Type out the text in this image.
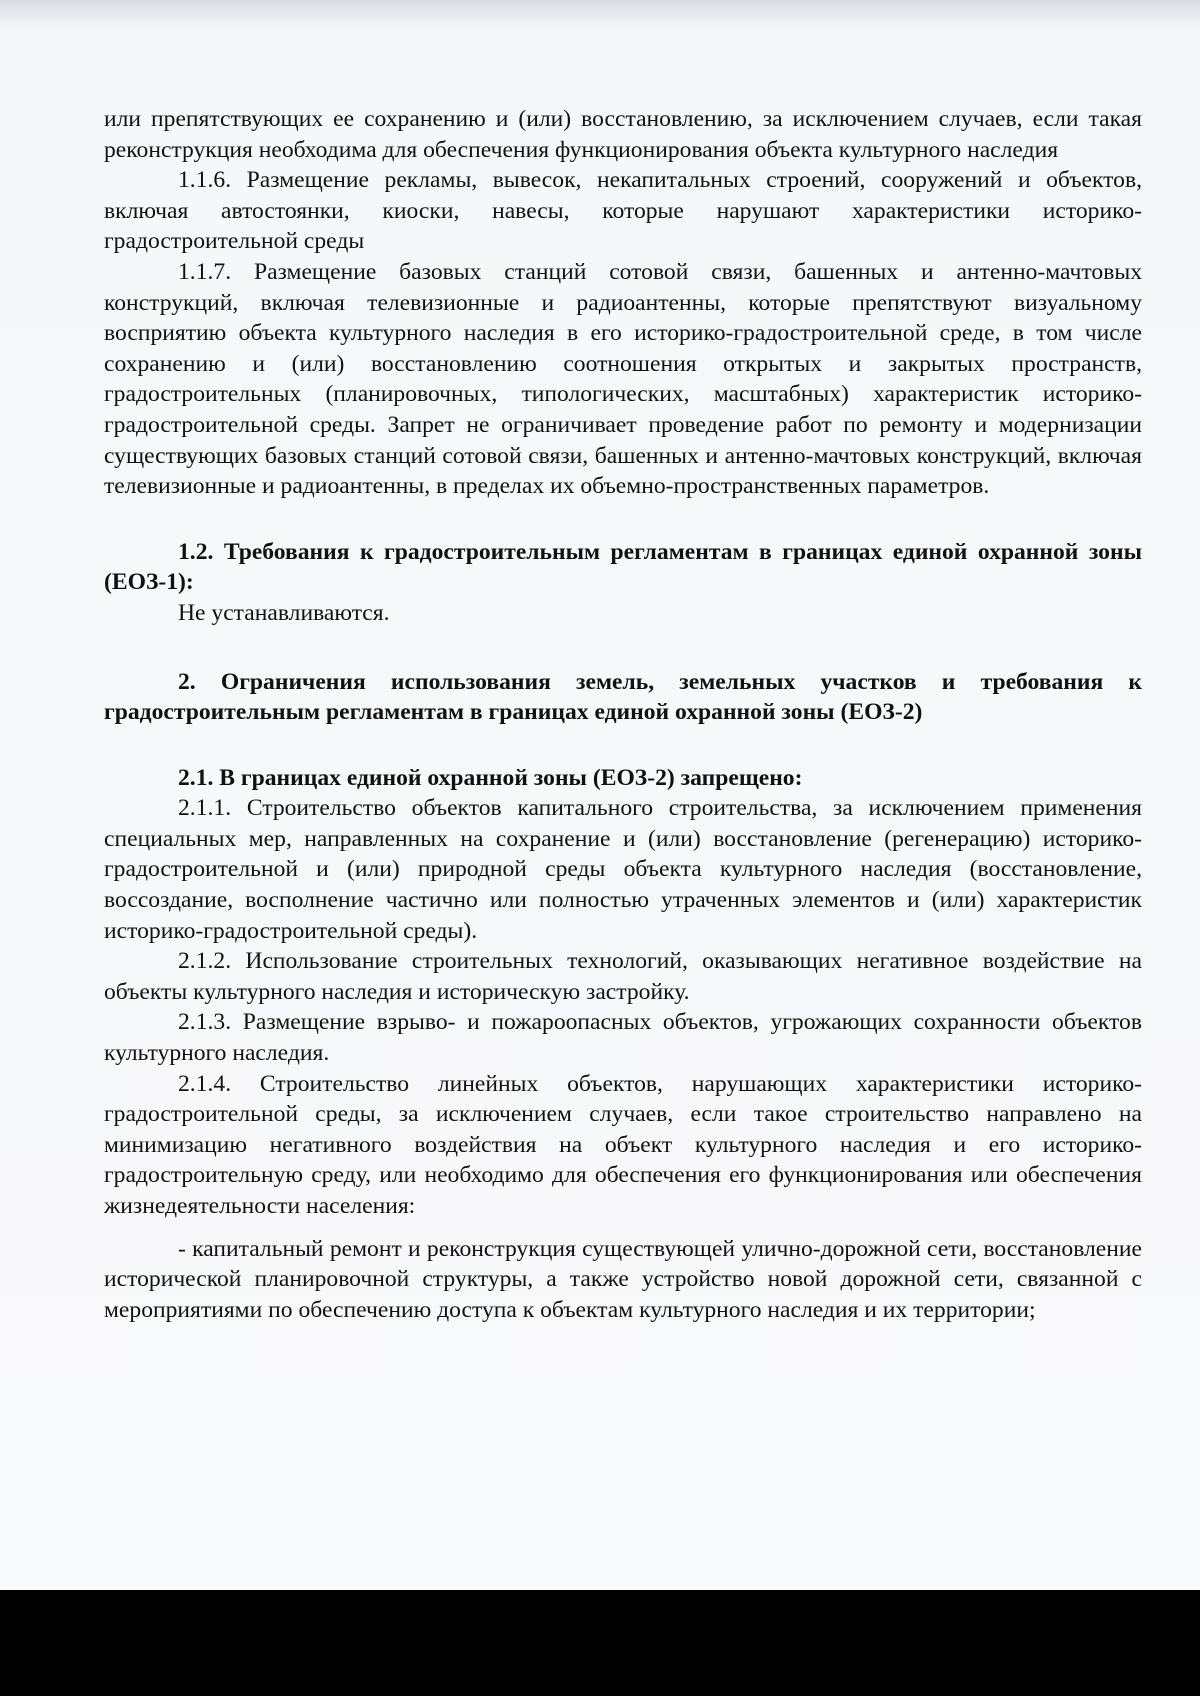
или препятствующих ее сохранению и (или) восстановлению, за исключением случаев, если такая реконструкция необходима для обеспечения функционирования объекта культурного наследия

1.1.6. Размещение рекламы, вывесок, некапитальных строений, сооружений и объектов, включая автостоянки, киоски, навесы, которые нарушают характеристики историко-градостроительной среды

1.1.7. Размещение базовых станций сотовой связи, башенных и антенно-мачтовых конструкций, включая телевизионные и радиоантенны, которые препятствуют визуальному восприятию объекта культурного наследия в его историко-градостроительной среде, в том числе сохранению и (или) восстановлению соотношения открытых и закрытых пространств, градостроительных (планировочных, типологических, масштабных) характеристик историко-градостроительной среды. Запрет не ограничивает проведение работ по ремонту и модернизации существующих базовых станций сотовой связи, башенных и антенно-мачтовых конструкций, включая телевизионные и радиоантенны, в пределах их объемно-пространственных параметров.

1.2. Требования к градостроительным регламентам в границах единой охранной зоны (ЕОЗ-1):

Не устанавливаются.

2. Ограничения использования земель, земельных участков и требования к градостроительным регламентам в границах единой охранной зоны (ЕОЗ-2)

2.1. В границах единой охранной зоны (ЕОЗ-2) запрещено:

2.1.1. Строительство объектов капитального строительства, за исключением применения специальных мер, направленных на сохранение и (или) восстановление (регенерацию) историко-градостроительной и (или) природной среды объекта культурного наследия (восстановление, воссоздание, восполнение частично или полностью утраченных элементов и (или) характеристик историко-градостроительной среды).

2.1.2. Использование строительных технологий, оказывающих негативное воздействие на объекты культурного наследия и историческую застройку.

2.1.3. Размещение взрыво- и пожароопасных объектов, угрожающих сохранности объектов культурного наследия.

2.1.4. Строительство линейных объектов, нарушающих характеристики историко-градостроительной среды, за исключением случаев, если такое строительство направлено на минимизацию негативного воздействия на объект культурного наследия и его историко-градостроительную среду, или необходимо для обеспечения его функционирования или обеспечения жизнедеятельности населения:

- капитальный ремонт и реконструкция существующей улично-дорожной сети, восстановление исторической планировочной структуры, а также устройство новой дорожной сети, связанной с мероприятиями по обеспечению доступа к объектам культурного наследия и их территории;
